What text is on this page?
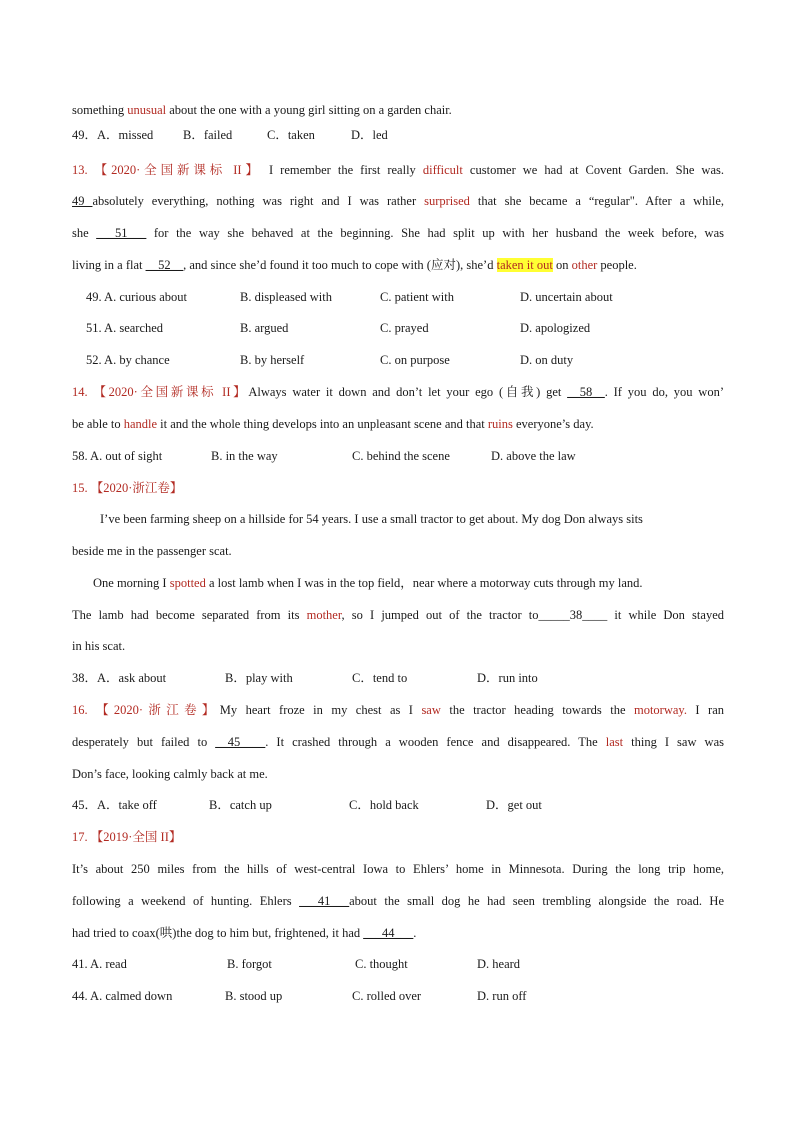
something unusual about the one with a young girl sitting on a garden chair.
49．A．missed B．failed	C．taken	D．led
13. 【2020·全国新课标 II】 I remember the first really difficult customer we had at Covent Garden. She was.
49 absolutely everything, nothing was right and I was rather surprised that she became a “regular". After a while,
she ___51___ for the way she behaved at the beginning. She had split up with her husband the week before, was
living in a flat __52__, and since she’d found it too much to cope with (应对), she’d taken it out on other people.
49. A. curious about	B. displeased with	C. patient with	D. uncertain about
51. A. searched	B. argued	C. prayed	D. apologized
52. A. by chance	B. by herself	C. on purpose	D. on duty
14. 【2020·全国新课标 II】Always water it down and don’t let your ego (自我) get __58__. If you do, you won’
be able to handle it and the whole thing develops into an unpleasant scene and that ruins everyone’s day.
58. A. out of sight	B. in the way	C. behind the scene	D. above the law
15. 【2020·浙江卷】
I’ve been farming sheep on a hillside for 54 years. I use a small tractor to get about. My dog Don always sits
beside me in the passenger scat.
One morning I spotted a lost lamb when I was in the top field，near where a motorway cuts through my land.
The lamb had become separated from its mother, so I jumped out of the tractor to_____38____ it while Don stayed
in his scat.
38．A．ask about	B．play with	C．tend to	D．run into
16. 【2020·浙江卷】My heart froze in my chest as I saw the tractor heading towards the motorway. I ran
desperately but failed to __45____. It crashed through a wooden fence and disappeared. The last thing I saw was
Don’s face, looking calmly back at me.
45．A．take off	B．catch up	C．hold back	D．get out
17. 【2019·全国 II】
It’s about 250 miles from the hills of west-central Iowa to Ehlers’ home in Minnesota. During the long trip home,
following a weekend of hunting. Ehlers ___41___about the small dog he had seen trembling alongside the road. He
had tried to coax(哄)the dog to him but, frightened, it had ___44___.
41. A. read	B. forgot	C. thought	D. heard
44. A. calmed down	B. stood up	C. rolled over	D. run off
